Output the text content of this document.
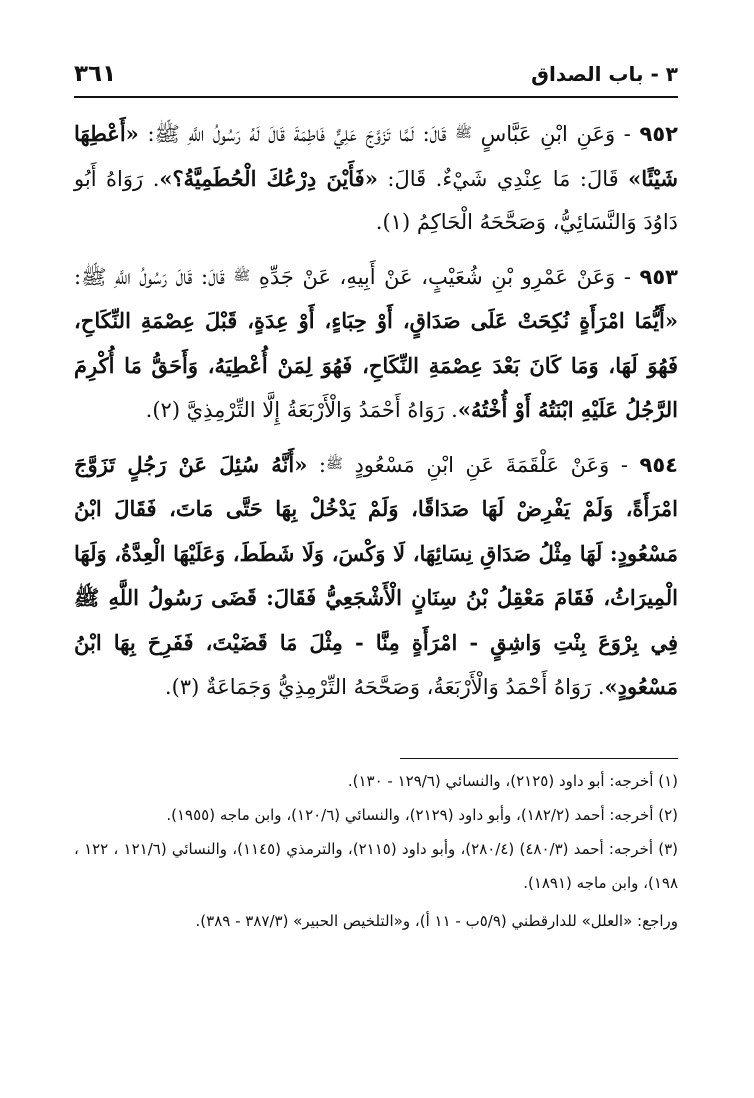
٣ - باب الصداق
٣٦١

٩٥٢ - وَعَنِ ابْنِ عَبَّاسٍ ﷺ قَالَ: لَمَّا تَزَوَّجَ عَلِيٌّ فَاطِمَةَ قَالَ لَهُ رَسُولُ اللَّهِ ﷺ: «أَعْطِهَا شَيْئًا» قَالَ: مَا عِنْدِي شَيْءٌ. قَالَ: «فَأَيْنَ دِرْعُكَ الْحُطَمِيَّةُ؟». رَوَاهُ أَبُو دَاوُدَ وَالنَّسَائِيُّ، وَصَحَّحَهُ الْحَاكِمُ (١).

٩٥٣ - وَعَنْ عَمْرِو بْنِ شُعَيْبٍ، عَنْ أَبِيهِ، عَنْ جَدِّهِ ﷺ قَالَ: قَالَ رَسُولُ اللَّهِ ﷺ: «أَيُّمَا امْرَأَةٍ نُكِحَتْ عَلَى صَدَاقٍ، أَوْ حِبَاءٍ، أَوْ عِدَةٍ، قَبْلَ عِصْمَةِ النِّكَاحِ، فَهُوَ لَهَا، وَمَا كَانَ بَعْدَ عِصْمَةِ النِّكَاحِ، فَهُوَ لِمَنْ أُعْطِيَهُ، وَأَحَقُّ مَا أُكْرِمَ الرَّجُلُ عَلَيْهِ ابْنَتُهُ أَوْ أُخْتُهُ». رَوَاهُ أَحْمَدُ وَالْأَرْبَعَةُ إِلَّا التِّرْمِذِيَّ (٢).

٩٥٤ - وَعَنْ عَلْقَمَةَ عَنِ ابْنِ مَسْعُودٍ ﷺ: «أَنَّهُ سُئِلَ عَنْ رَجُلٍ تَزَوَّجَ امْرَأَةً، وَلَمْ يَفْرِضْ لَهَا صَدَاقًا، وَلَمْ يَدْخُلْ بِهَا حَتَّى مَاتَ، فَقَالَ ابْنُ مَسْعُودٍ: لَهَا مِثْلُ صَدَاقِ نِسَائِهَا، لَا وَكْسَ، وَلَا شَطَطَ، وَعَلَيْهَا الْعِدَّةُ، وَلَهَا الْمِيرَاثُ، فَقَامَ مَعْقِلُ بْنُ سِنَانٍ الْأَشْجَعِيُّ فَقَالَ: قَضَى رَسُولُ اللَّهِ ﷺ فِي بِرْوَعَ بِنْتِ وَاشِقٍ - امْرَأَةٍ مِنَّا - مِثْلَ مَا قَضَيْتَ، فَفَرِحَ بِهَا ابْنُ مَسْعُودٍ». رَوَاهُ أَحْمَدُ وَالْأَرْبَعَةُ، وَصَحَّحَهُ التِّرْمِذِيُّ وَجَمَاعَةٌ (٣).

(١) أخرجه: أبو داود (٢١٢٥)، والنسائي (١٢٩/٦ - ١٣٠).

(٢) أخرجه: أحمد (١٨٢/٢)، وأبو داود (٢١٢٩)، والنسائي (١٢٠/٦)، وابن ماجه (١٩٥٥).

(٣) أخرجه: أحمد (٤٨٠/٣) (٢٨٠/٤)، وأبو داود (٢١١٥)، والترمذي (١١٤٥)، والنسائي (١٢١/٦ ، ١٢٢ ، ١٩٨)، وابن ماجه (١٨٩١).

وراجع: «العلل» للدارقطني (٥/٩ب - ١١ أ)، و«التلخيص الحبير» (٣٨٧/٣ - ٣٨٩).
